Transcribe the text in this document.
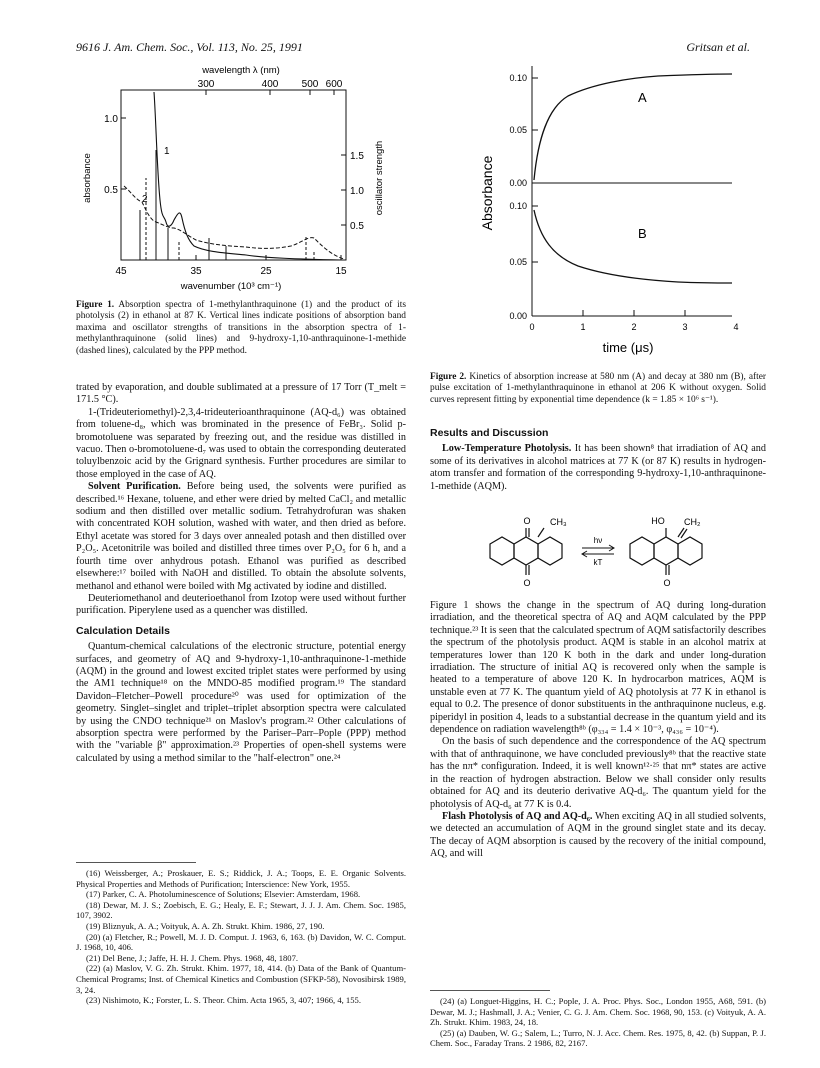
9616 J. Am. Chem. Soc., Vol. 113, No. 25, 1991	Gritsan et al.
wavelength λ (nm)
300	400 500 600
1
2
absorbance
1.0
0.5
1.5
1.0
0.5
oscillator strength
45	35	25	15
wavenumber (10³ cm⁻¹)
Figure 1. Absorption spectra of 1-methylanthraquinone (1) and the product of its photolysis (2) in ethanol at 87 K. Vertical lines indicate positions of absorption band maxima and oscillator strengths of transitions in the absorption spectra of 1-methylanthraquinone (solid lines) and 9-hydroxy-1,10-anthraquinone-1-methide (dashed lines), calculated by the PPP method.

trated by evaporation, and double sublimated at a pressure of 17 Torr (T_melt = 171.5 °C).

1-(Trideuteriomethyl)-2,3,4-trideuterioanthraquinone (AQ-d₆) was obtained from toluene-d₈, which was brominated in the presence of FeBr₃. Solid p-bromotoluene was separated by freezing out, and the residue was distilled in vacuo. Then o-bromotoluene-d₇ was used to obtain the corresponding deuterated toluylbenzoic acid by the Grignard synthesis. Further procedures are similar to those employed in the case of AQ.

Solvent Purification. Before being used, the solvents were purified as described.¹⁶ Hexane, toluene, and ether were dried by melted CaCl₂ and metallic sodium and then distilled over metallic sodium. Tetrahydrofuran was shaken with concentrated KOH solution, washed with water, and then dried as before. Ethyl acetate was stored for 3 days over annealed potash and then distilled over P₂O₅. Acetonitrile was boiled and distilled three times over P₂O₅ for 6 h, and a fourth time over anhydrous potash. Ethanol was purified as described elsewhere:¹⁷ boiled with NaOH and distilled. To obtain the absolute solvents, methanol and ethanol were boiled with Mg activated by iodine and distilled.

Deuteriomethanol and deuterioethanol from Izotop were used without further purification. Piperylene used as a quencher was distilled.

Calculation Details

Quantum-chemical calculations of the electronic structure, potential energy surfaces, and geometry of AQ and 9-hydroxy-1,10-anthraquinone-1-methide (AQM) in the ground and lowest excited triplet states were performed by using the AM1 technique¹⁸ on the MNDO-85 modified program.¹⁹ The standard Davidon–Fletcher–Powell procedure²⁰ was used for optimization of the geometry. Singlet–singlet and triplet–triplet absorption spectra were calculated by using the CNDO technique²¹ on Maslov's program.²² Other calculations of absorption spectra were performed by the Pariser–Parr–Pople (PPP) method with the "variable β" approximation.²³ Properties of open-shell systems were calculated by using a method similar to the "half-electron" one.²⁴

(16) Weissberger, A.; Proskauer, E. S.; Riddick, J. A.; Toops, E. E. Organic Solvents. Physical Properties and Methods of Purification; Interscience: New York, 1955.
(17) Parker, C. A. Photoluminescence of Solutions; Elsevier: Amsterdam, 1968.
(18) Dewar, M. J. S.; Zoebisch, E. G.; Healy, E. F.; Stewart, J. J. J. Am. Chem. Soc. 1985, 107, 3902.
(19) Bliznyuk, A. A.; Voityuk, A. A. Zh. Strukt. Khim. 1986, 27, 190.
(20) (a) Fletcher, R.; Powell, M. J. D. Comput. J. 1963, 6, 163. (b) Davidon, W. C. Comput. J. 1968, 10, 406.
(21) Del Bene, J.; Jaffe, H. H. J. Chem. Phys. 1968, 48, 1807.
(22) (a) Maslov, V. G. Zh. Strukt. Khim. 1977, 18, 414. (b) Data of the Bank of Quantum-Chemical Programs; Inst. of Chemical Kinetics and Combustion (SFKP-58), Novosibirsk 1989, 3, 24.
(23) Nishimoto, K.; Forster, L. S. Theor. Chim. Acta 1965, 3, 407; 1966, 4, 155.
A
B
0.10
0.05
0.00
0.10
0.05
0.00
Absorbance
0	1	2	3	4
time (μs)
Figure 2. Kinetics of absorption increase at 580 nm (A) and decay at 380 nm (B), after pulse excitation of 1-methylanthraquinone in ethanol at 206 K without oxygen. Solid curves represent fitting by exponential time dependence (k = 1.85 × 10⁶ s⁻¹).
Results and Discussion

Low-Temperature Photolysis. It has been shown⁸ that irradiation of AQ and some of its derivatives in alcohol matrices at 77 K (or 87 K) results in hydrogen-atom transfer and formation of the corresponding 9-hydroxy-1,10-anthraquinone-1-methide (AQM).

O CH₃
O
hν
kT
HO CH₂
O

Figure 1 shows the change in the spectrum of AQ during long-duration irradiation, and the theoretical spectra of AQ and AQM calculated by the PPP technique.²³ It is seen that the calculated spectrum of AQM satisfactorily describes the spectrum of the photolysis product. AQM is stable in an alcohol matrix at temperatures lower than 120 K both in the dark and under long-duration irradiation. The structure of initial AQ is recovered only when the sample is heated to a temperature of above 120 K. In hydrocarbon matrices, AQM is unstable even at 77 K. The quantum yield of AQ photolysis at 77 K in ethanol is equal to 0.2. The presence of donor substituents in the anthraquinone nucleus, e.g. piperidyl in position 4, leads to a substantial decrease in the quantum yield and its dependence on radiation wavelength⁸ᵇ (φ₃₃₄ = 1.4 × 10⁻³, φ₄₃₆ = 10⁻⁴).

On the basis of such dependence and the correspondence of the AQ spectrum with that of anthraquinone, we have concluded previously⁸ᵇ that the reactive state has the nπ* configuration. Indeed, it is well known¹²·²⁵ that nπ* states are active in the reaction of hydrogen abstraction. Below we shall consider only results obtained for AQ and its deuterio derivative AQ-d₆. The quantum yield for the photolysis of AQ-d₆ at 77 K is 0.4.

Flash Photolysis of AQ and AQ-d₆. When exciting AQ in all studied solvents, we detected an accumulation of AQM in the ground singlet state and its decay. The decay of AQM absorption is caused by the recovery of the initial compound, AQ, and will

(24) (a) Longuet-Higgins, H. C.; Pople, J. A. Proc. Phys. Soc., London 1955, A68, 591. (b) Dewar, M. J.; Hashmall, J. A.; Venier, C. G. J. Am. Chem. Soc. 1968, 90, 153. (c) Voityuk, A. A. Zh. Strukt. Khim. 1983, 24, 18.
(25) (a) Dauben, W. G.; Salem, L.; Turro, N. J. Acc. Chem. Res. 1975, 8, 42. (b) Suppan, P. J. Chem. Soc., Faraday Trans. 2 1986, 82, 2167.
